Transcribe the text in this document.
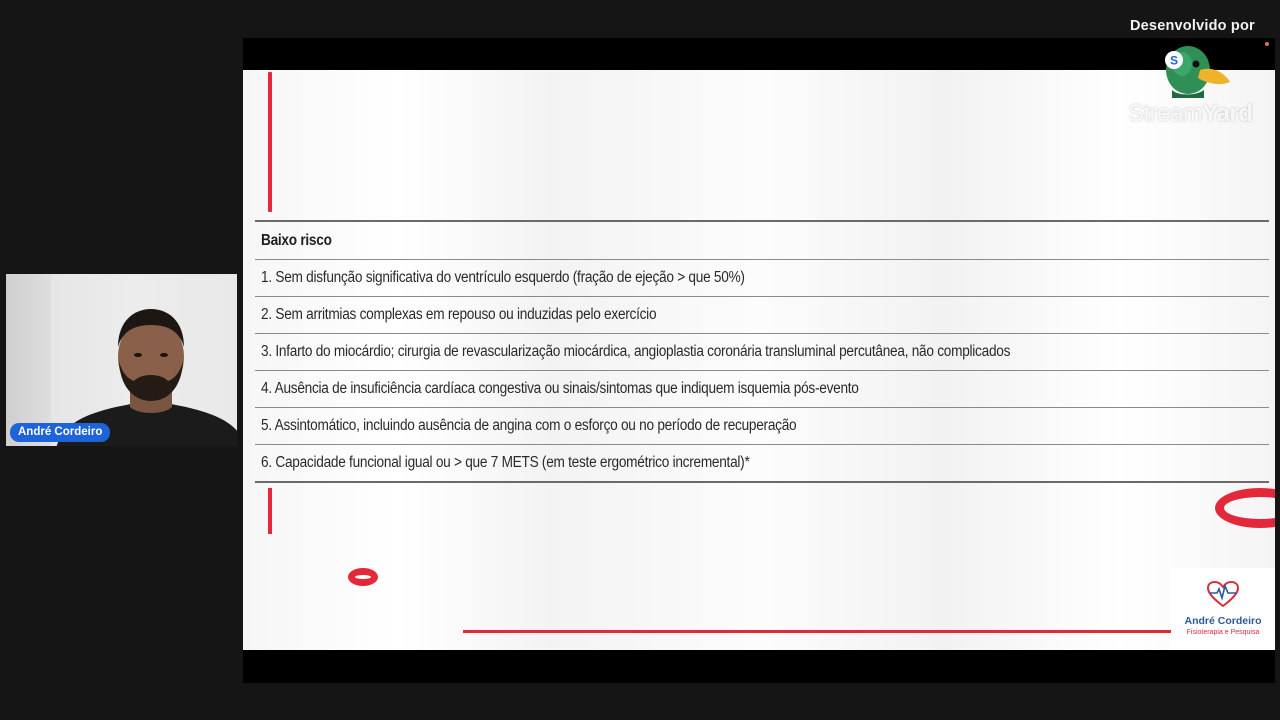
Baixo risco
1. Sem disfunção significativa do ventrículo esquerdo (fração de ejeção > que 50%)
2. Sem arritmias complexas em repouso ou induzidas pelo exercício
3. Infarto do miocárdio; cirurgia de revascularização miocárdica, angioplastia coronária transluminal percutânea, não complicados
4. Ausência de insuficiência cardíaca congestiva ou sinais/sintomas que indiquem isquemia pós-evento
5. Assintomático, incluindo ausência de angina com o esforço ou no período de recuperação
6. Capacidade funcional igual ou > que 7 METS (em teste ergométrico incremental)*
André Cordeiro
Fisioterapia e Pesquisa
André Cordeiro
Desenvolvido por
S
StreamYard
